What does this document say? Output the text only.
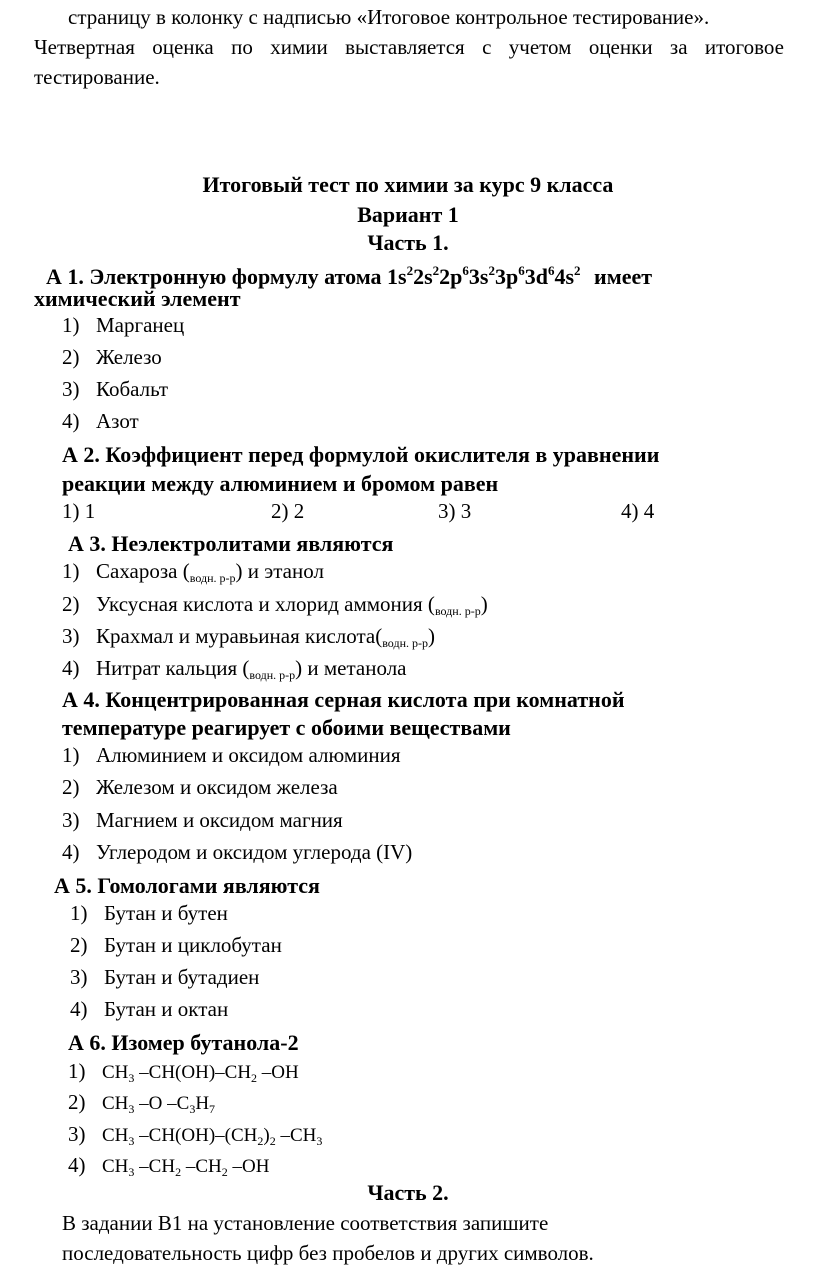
страницу в колонку с надписью «Итоговое контрольное тестирование».
Четвертная оценка по химии выставляется с учетом оценки за итоговое тестирование.
Итоговый тест по химии за курс 9 класса
Вариант 1
Часть 1.
А 1. Электронную формулу атома $1s^22s^22p^63s^23p^63d^64s^2$ имеет
химический элемент
1) Марганец
2) Железо
3) Кобальт
4) Азот
А 2. Коэффициент перед формулой окислителя в уравнении
реакции между алюминием и бромом равен
1) 1	2) 2	3) 3	4) 4
А 3. Неэлектролитами являются
1) Сахароза $(_{водн. р-р})$ и этанол
2) Уксусная кислота и хлорид аммония $(_{водн. р-р})$
3) Крахмал и муравьиная $кислота(_{водн. р-р})$
4) Нитрат кальция $(_{водн. р-р})$ и метанола
А 4. Концентрированная серная кислота при комнатной
температуре реагирует с обоими веществами
1) Алюминием и оксидом алюминия
2) Железом и оксидом железа
3) Магнием и оксидом магния
4) Углеродом и оксидом углерода (IV)
А 5. Гомологами являются
1) Бутан и бутен
2) Бутан и циклобутан
3) Бутан и бутадиен
4) Бутан и октан
А 6. Изомер бутанола-2
1) $CH_3$ $-CH(OH)-CH_2$ –OH
2) $CH_3$ –O $-C_3H_7$
3) $CH_3$ $-CH(OH)-(CH_2)_2$ $-CH_3$
4) $CH_3$ $-CH_2$ $-CH_2$ –OH
Часть 2.
В задании В1 на установление соответствия запишите
последовательность цифр без пробелов и других символов.
